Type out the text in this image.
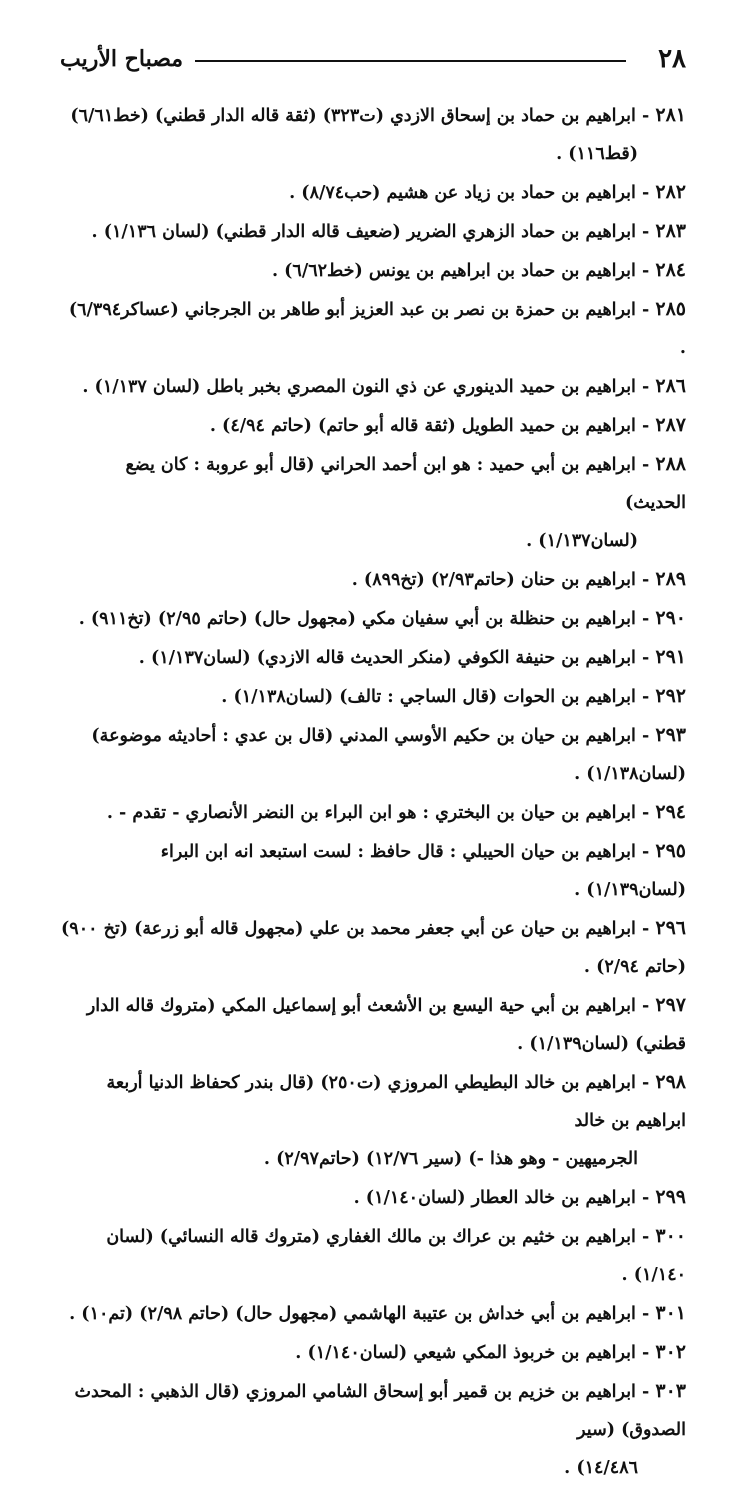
٢٨
مصباح الأريب
٢٨١ - ابراهيم بن حماد بن إسحاق الازدي (ت٣٢٣) (ثقة قاله الدار قطني) (خط٦/٦١)
(قط١١٦) .
٢٨٢ - ابراهيم بن حماد بن زياد عن هشيم (حب٨/٧٤) .
٢٨٣ - ابراهيم بن حماد الزهري الضرير (ضعيف قاله الدار قطني) (لسان ١/١٣٦) .
٢٨٤ - ابراهيم بن حماد بن ابراهيم بن يونس (خط٦/٦٢) .
٢٨٥ - ابراهيم بن حمزة بن نصر بن عبد العزيز أبو طاهر بن الجرجاني (عساكر٦/٣٩٤) .
٢٨٦ - ابراهيم بن حميد الدينوري عن ذي النون المصري بخبر باطل (لسان ١/١٣٧) .
٢٨٧ - ابراهيم بن حميد الطويل (ثقة قاله أبو حاتم) (حاتم ٤/٩٤) .
٢٨٨ - ابراهيم بن أبي حميد : هو ابن أحمد الحراني (قال أبو عروبة : كان يضع الحديث)
(لسان١/١٣٧) .
٢٨٩ - ابراهيم بن حنان (حاتم٢/٩٣) (تخ٨٩٩) .
٢٩٠ - ابراهيم بن حنظلة بن أبي سفيان مكي (مجهول حال) (حاتم ٢/٩٥) (تخ٩١١) .
٢٩١ - ابراهيم بن حنيفة الكوفي (منكر الحديث قاله الازدي) (لسان١/١٣٧) .
٢٩٢ - ابراهيم بن الحوات (قال الساجي : تالف) (لسان١/١٣٨) .
٢٩٣ - ابراهيم بن حيان بن حكيم الأوسي المدني (قال بن عدي : أحاديثه موضوعة) (لسان١/١٣٨) .
٢٩٤ - ابراهيم بن حيان بن البختري : هو ابن البراء بن النضر الأنصاري - تقدم - .
٢٩٥ - ابراهيم بن حيان الحيبلي : قال حافظ : لست استبعد انه ابن البراء (لسان١/١٣٩) .
٢٩٦ - ابراهيم بن حيان عن أبي جعفر محمد بن علي (مجهول قاله أبو زرعة) (تخ ٩٠٠) (حاتم ٢/٩٤) .
٢٩٧ - ابراهيم بن أبي حية اليسع بن الأشعث أبو إسماعيل المكي (متروك قاله الدار قطني) (لسان١/١٣٩) .
٢٩٨ - ابراهيم بن خالد البطيطي المروزي (ت٢٥٠) (قال بندر كحفاظ الدنيا أربعة ابراهيم بن خالد
الجرميهين - وهو هذا -) (سير ١٢/٧٦) (حاتم٢/٩٧) .
٢٩٩ - ابراهيم بن خالد العطار (لسان١/١٤٠) .
٣٠٠ - ابراهيم بن خثيم بن عراك بن مالك الغفاري (متروك قاله النسائي) (لسان ١/١٤٠) .
٣٠١ - ابراهيم بن أبي خداش بن عتيبة الهاشمي (مجهول حال) (حاتم ٢/٩٨) (تم١٠) .
٣٠٢ - ابراهيم بن خربوذ المكي شيعي (لسان١/١٤٠) .
٣٠٣ - ابراهيم بن خزيم بن قمير أبو إسحاق الشامي المروزي (قال الذهبي : المحدث الصدوق) (سير
١٤/٤٨٦) .
